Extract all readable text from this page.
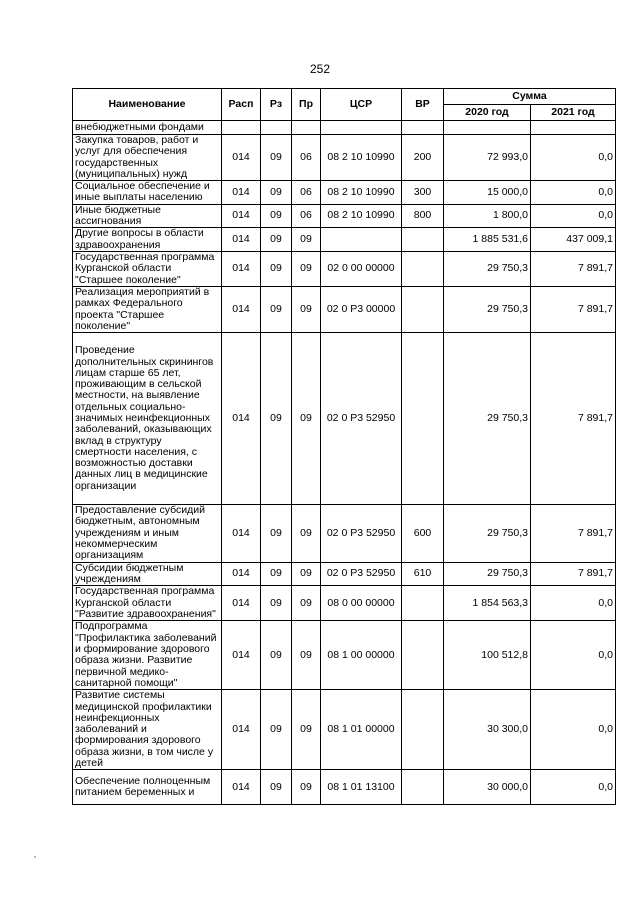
252
Наименование	Расп	Рз	Пр	ЦСР	ВР	Сумма	
						2020 год	2021 год
внебюджетными фондами							
Закупка товаров, работ и услуг для обеспечения государственных (муниципальных) нужд	014	09	06	08 2 10 10990	200	72 993,0	0,0
Социальное обеспечение и иные выплаты населению	014	09	06	08 2 10 10990	300	15 000,0	0,0
Иные бюджетные ассигнования	014	09	06	08 2 10 10990	800	1 800,0	0,0
Другие вопросы в области здравоохранения	014	09	09			1 885 531,6	437 009,1
Государственная программа Курганской области "Старшее поколение"	014	09	09	02 0 00 00000		29 750,3	7 891,7
Реализация мероприятий в рамках Федерального проекта "Старшее поколение"	014	09	09	02 0 P3 00000		29 750,3	7 891,7
Проведение дополнительных скринингов лицам старше 65 лет, проживающим в сельской местности, на выявление отдельных социально-значимых неинфекционных заболеваний, оказывающих вклад в структуру смертности населения, с возможностью доставки данных лиц в медицинские организации	014	09	09	02 0 P3 52950		29 750,3	7 891,7
Предоставление субсидий бюджетным, автономным учреждениям и иным некоммерческим организациям	014	09	09	02 0 P3 52950	600	29 750,3	7 891,7
Субсидии бюджетным учреждениям	014	09	09	02 0 P3 52950	610	29 750,3	7 891,7
Государственная программа Курганской области "Развитие здравоохранения"	014	09	09	08 0 00 00000		1 854 563,3	0,0
Подпрограмма "Профилактика заболеваний и формирование здорового образа жизни. Развитие первичной медико-санитарной помощи"	014	09	09	08 1 00 00000		100 512,8	0,0
Развитие системы медицинской профилактики неинфекционных заболеваний и формирования здорового образа жизни, в том числе у детей	014	09	09	08 1 01 00000		30 300,0	0,0
Обеспечение полноценным питанием беременных и	014	09	09	08 1 01 13100		30 000,0	0,0
